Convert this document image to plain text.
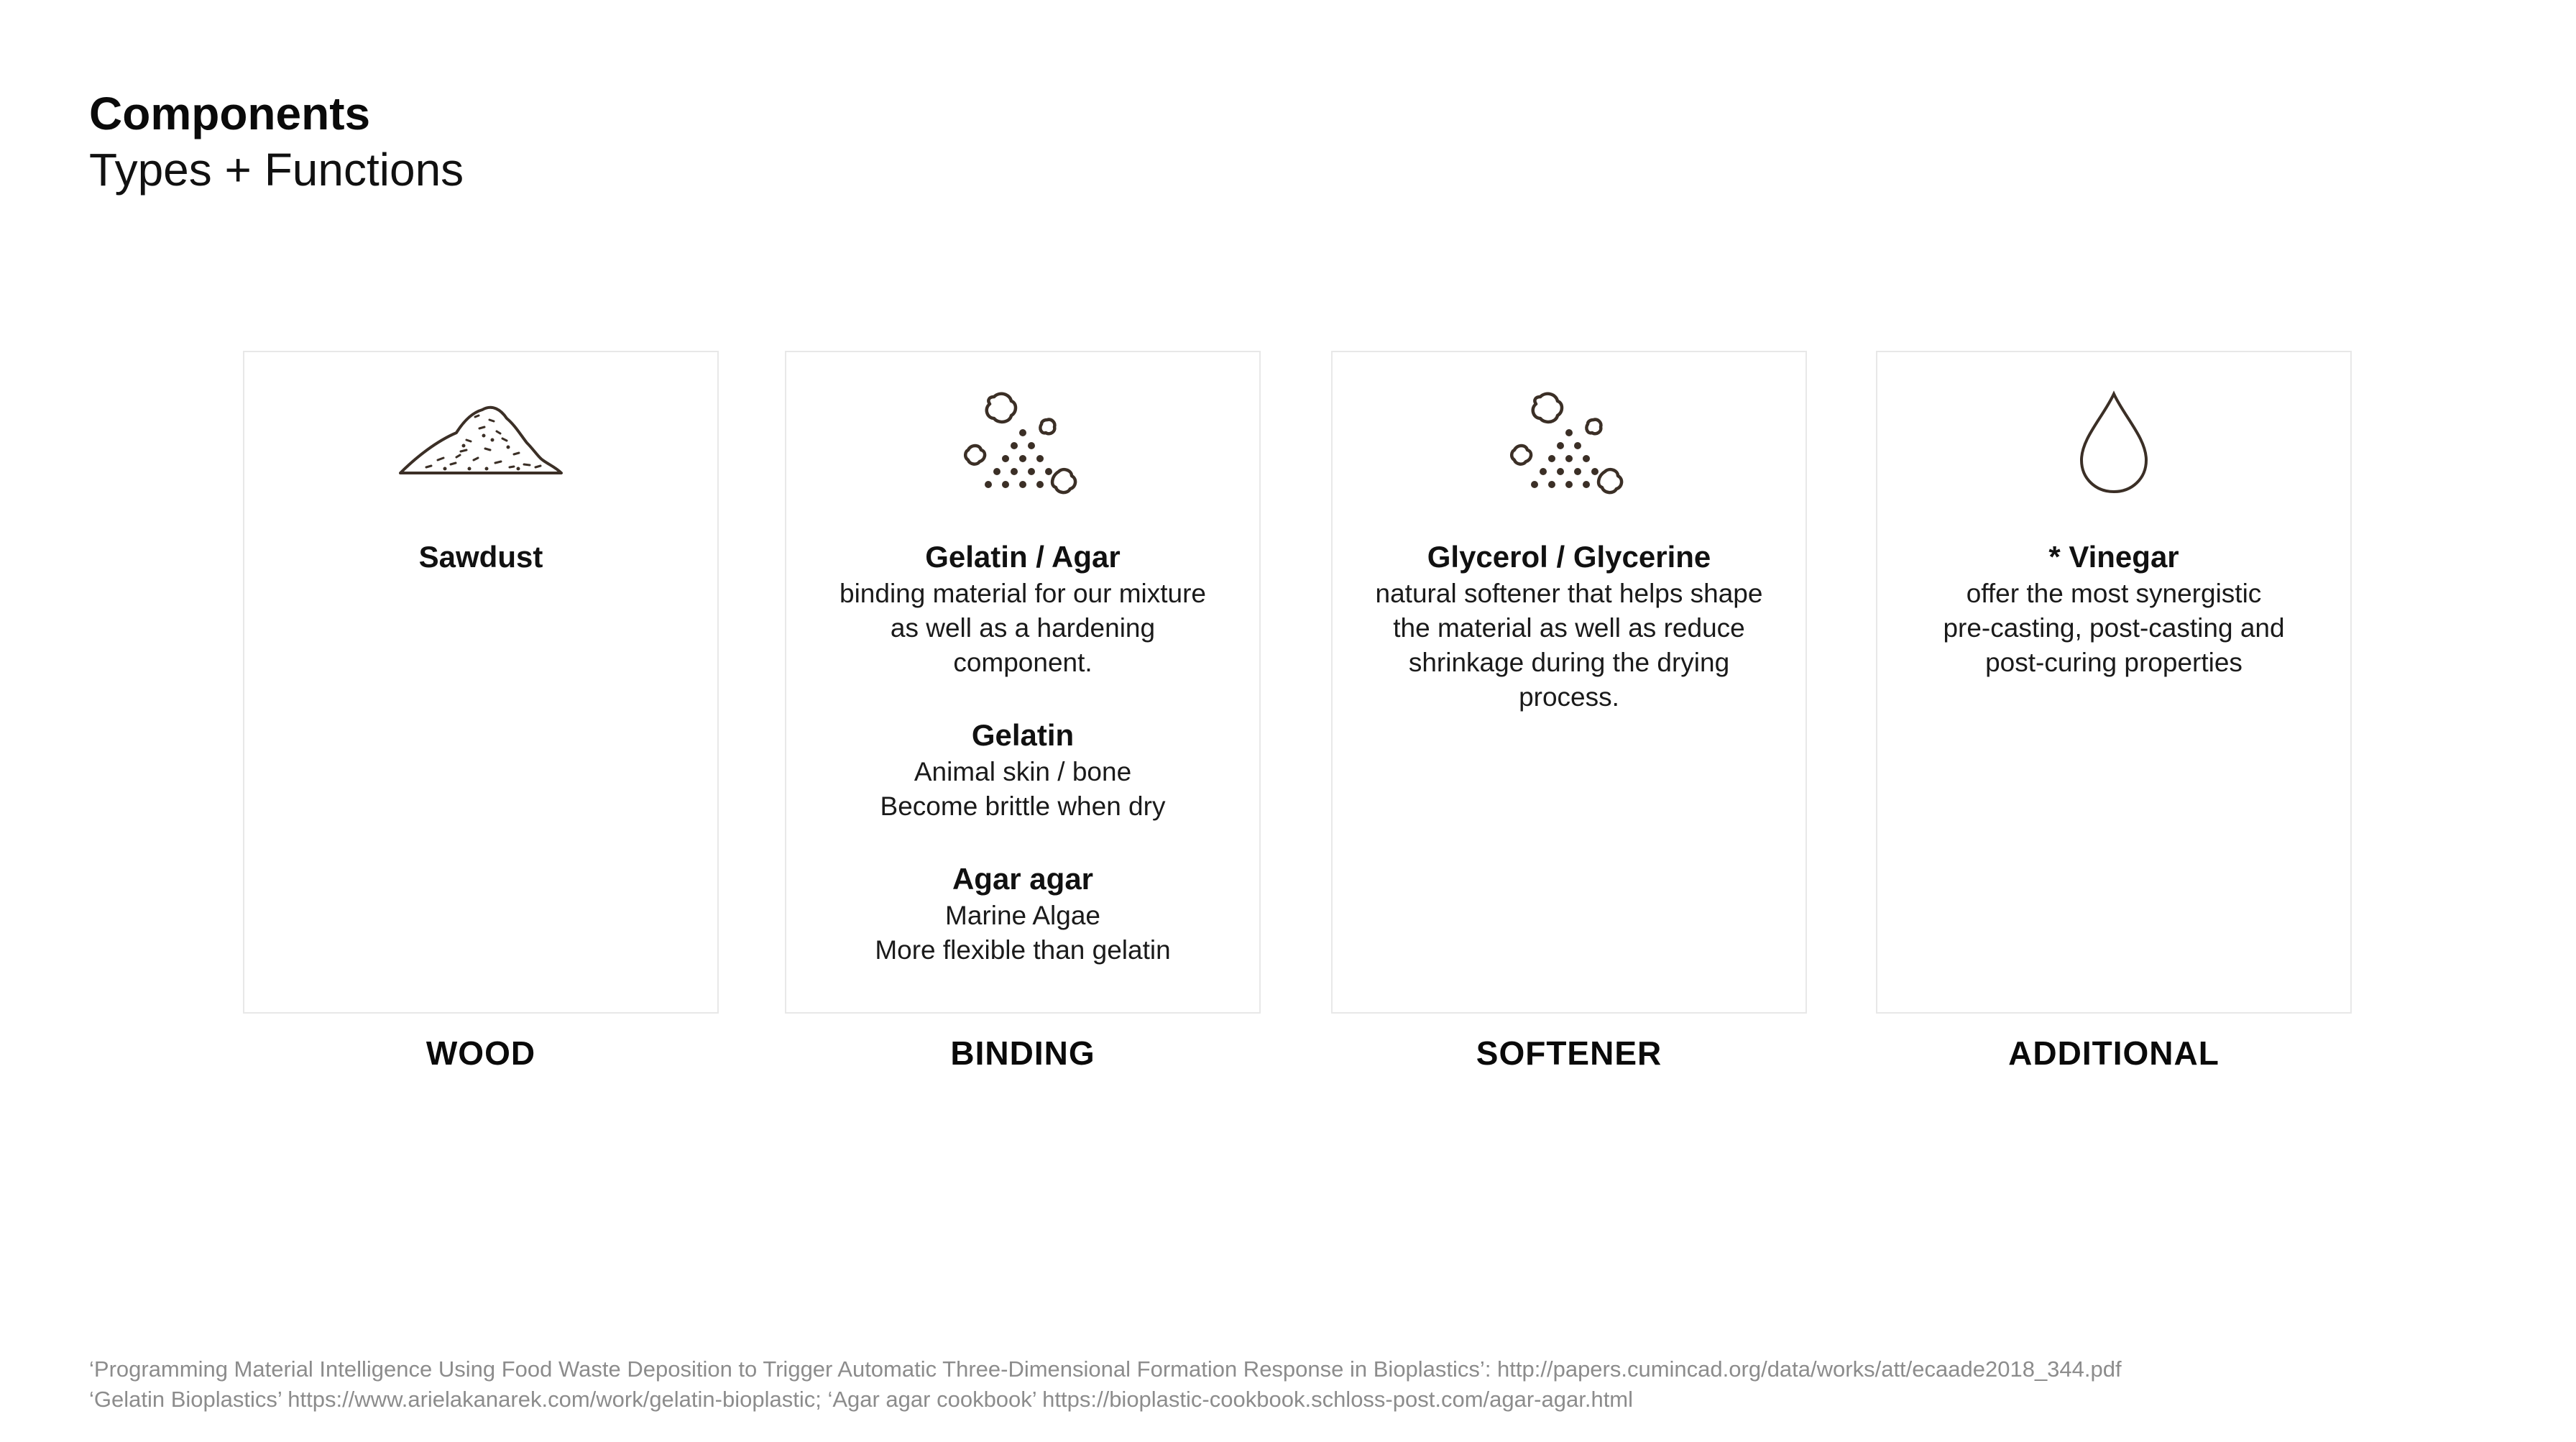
Components
Types + Functions
Sawdust
WOOD
Gelatin / Agar
binding material for our mixture
as well as a hardening
component.
Gelatin
Animal skin / bone
Become brittle when dry
Agar agar
Marine Algae
More flexible than gelatin
BINDING
Glycerol / Glycerine
natural softener that helps shape
the material as well as reduce
shrinkage during the drying
process.
SOFTENER
* Vinegar
offer the most synergistic
pre-casting, post-casting and
post-curing properties
ADDITIONAL
‘Programming Material Intelligence Using Food Waste Deposition to Trigger Automatic Three-Dimensional Formation Response in Bioplastics’: http://papers.cumincad.org/data/works/att/ecaade2018_344.pdf
‘Gelatin Bioplastics’ https://www.arielakanarek.com/work/gelatin-bioplastic; ‘Agar agar cookbook’ https://bioplastic-cookbook.schloss-post.com/agar-agar.html
